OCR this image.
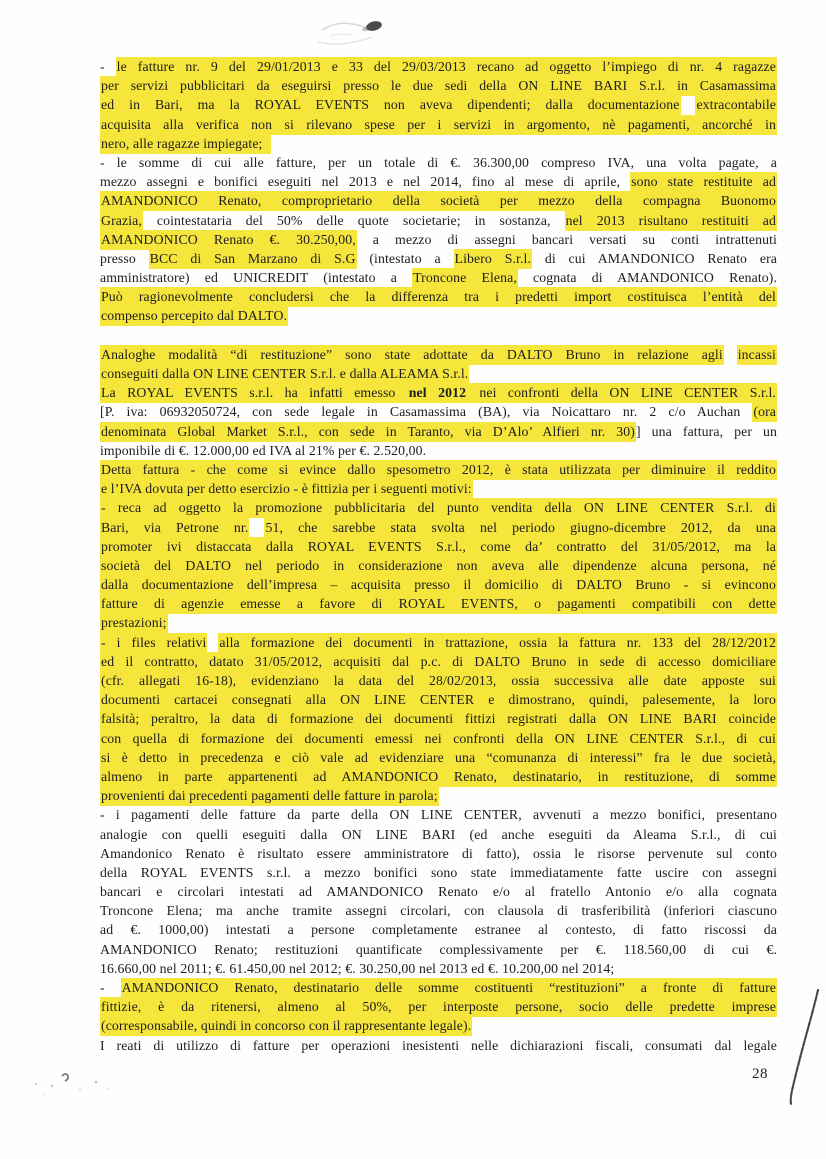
- le fatture nr. 9 del 29/01/2013 e 33 del 29/03/2013 recano ad oggetto l’impiego di nr. 4 ragazze
per servizi pubblicitari da eseguirsi presso le due sedi della ON LINE BARI S.r.l. in Casamassima
ed in Bari, ma la ROYAL EVENTS non aveva dipendenti; dalla documentazione extracontabile
acquisita alla verifica non si rilevano spese per i servizi in argomento, nè pagamenti, ancorché in
nero, alle ragazze impiegate;
- le somme di cui alle fatture, per un totale di €. 36.300,00 compreso IVA, una volta pagate, a
mezzo assegni e bonifici eseguiti nel 2013 e nel 2014, fino al mese di aprile, sono state restituite ad
AMANDONICO Renato, comproprietario della società per mezzo della compagna Buonomo
Grazia, cointestataria del 50% delle quote societarie; in sostanza, nel 2013 risultano restituiti ad
AMANDONICO Renato €. 30.250,00, a mezzo di assegni bancari versati su conti intrattenuti
presso BCC di San Marzano di S.G (intestato a Libero S.r.l. di cui AMANDONICO Renato era
amministratore) ed UNICREDIT (intestato a Troncone Elena, cognata di AMANDONICO Renato).
Può ragionevolmente concludersi che la differenza tra i predetti import costituisca l’entità del
compenso percepito dal DALTO.
Analoghe modalità “di restituzione” sono state adottate da DALTO Bruno in relazione agli incassi
conseguiti dalla ON LINE CENTER S.r.l. e dalla ALEAMA S.r.l.
La ROYAL EVENTS s.r.l. ha infatti emesso nel 2012 nei confronti della ON LINE CENTER S.r.l.
[P. iva: 06932050724, con sede legale in Casamassima (BA), via Noicattaro nr. 2 c/o Auchan (ora
denominata Global Market S.r.l., con sede in Taranto, via D’Alo’ Alfieri nr. 30)] una fattura, per un
imponibile di €. 12.000,00 ed IVA al 21% per €. 2.520,00.
Detta fattura - che come si evince dallo spesometro 2012, è stata utilizzata per diminuire il reddito
e l’IVA dovuta per detto esercizio - è fittizia per i seguenti motivi:
- reca ad oggetto la promozione pubblicitaria del punto vendita della ON LINE CENTER S.r.l. di
Bari, via Petrone nr. 51, che sarebbe stata svolta nel periodo giugno-dicembre 2012, da una
promoter ivi distaccata dalla ROYAL EVENTS S.r.l., come da’ contratto del 31/05/2012, ma la
società del DALTO nel periodo in considerazione non aveva alle dipendenze alcuna persona, né
dalla documentazione dell’impresa – acquisita presso il domicilio di DALTO Bruno - si evincono
fatture di agenzie emesse a favore di ROYAL EVENTS, o pagamenti compatibili con dette
prestazioni;
- i files relativi alla formazione dei documenti in trattazione, ossia la fattura nr. 133 del 28/12/2012
ed il contratto, datato 31/05/2012, acquisiti dal p.c. di DALTO Bruno in sede di accesso domiciliare
(cfr. allegati 16-18), evidenziano la data del 28/02/2013, ossia successiva alle date apposte sui
documenti cartacei consegnati alla ON LINE CENTER e dimostrano, quindi, palesemente, la loro
falsità; peraltro, la data di formazione dei documenti fittizi registrati dalla ON LINE BARI coincide
con quella di formazione dei documenti emessi nei confronti della ON LINE CENTER S.r.l., di cui
si è detto in precedenza e ciò vale ad evidenziare una “comunanza di interessi” fra le due società,
almeno in parte appartenenti ad AMANDONICO Renato, destinatario, in restituzione, di somme
provenienti dai precedenti pagamenti delle fatture in parola;
- i pagamenti delle fatture da parte della ON LINE CENTER, avvenuti a mezzo bonifici, presentano
analogie con quelli eseguiti dalla ON LINE BARI (ed anche eseguiti da Aleama S.r.l., di cui
Amandonico Renato è risultato essere amministratore di fatto), ossia le risorse pervenute sul conto
della ROYAL EVENTS s.r.l. a mezzo bonifici sono state immediatamente fatte uscire con assegni
bancari e circolari intestati ad AMANDONICO Renato e/o al fratello Antonio e/o alla cognata
Troncone Elena; ma anche tramite assegni circolari, con clausola di trasferibilità (inferiori ciascuno
ad €. 1000,00) intestati a persone completamente estranee al contesto, di fatto riscossi da
AMANDONICO Renato; restituzioni quantificate complessivamente per €. 118.560,00 di cui €.
16.660,00 nel 2011; €. 61.450,00 nel 2012; €. 30.250,00 nel 2013 ed €. 10.200,00 nel 2014;
- AMANDONICO Renato, destinatario delle somme costituenti “restituzioni” a fronte di fatture
fittizie, è da ritenersi, almeno al 50%, per interposte persone, socio delle predette imprese
(corresponsabile, quindi in concorso con il rappresentante legale).
I reati di utilizzo di fatture per operazioni inesistenti nelle dichiarazioni fiscali, consumati dal legale
28
